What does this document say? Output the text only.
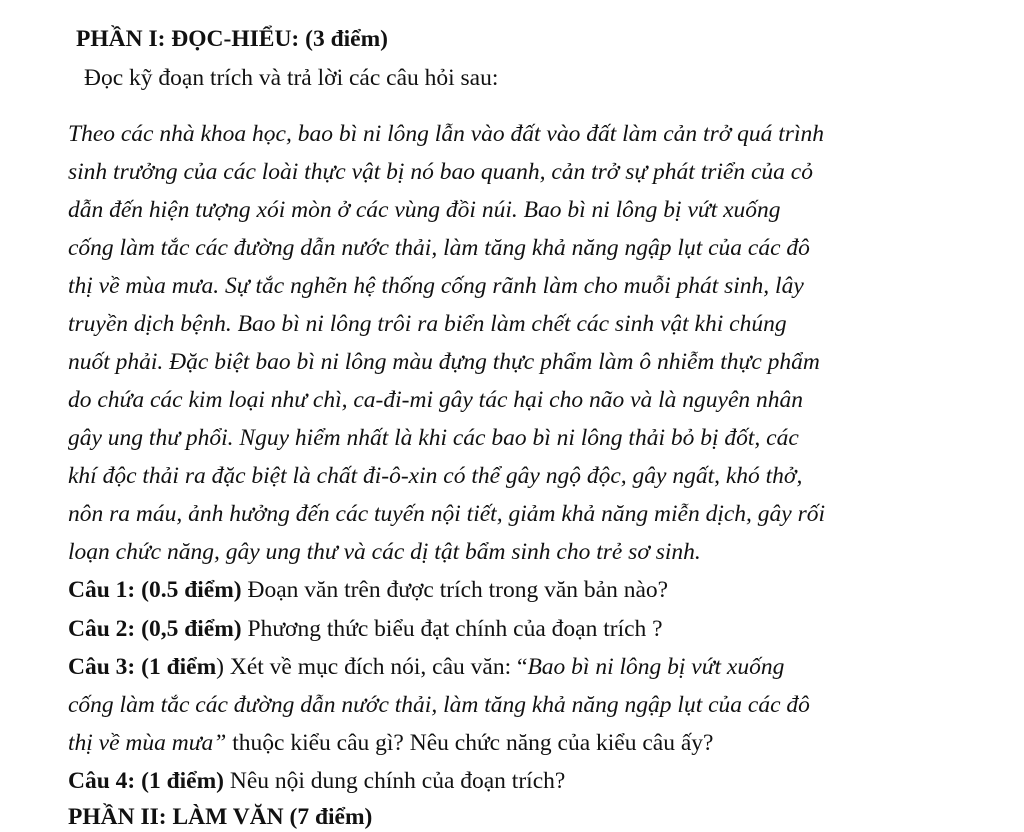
PHẦN I: ĐỌC-HIỂU: (3 điểm)
Đọc kỹ đoạn trích và trả lời các câu hỏi sau:
Theo các nhà khoa học, bao bì ni lông lẫn vào đất vào đất làm cản trở quá trình
sinh trưởng của các loài thực vật bị nó bao quanh, cản trở sự phát triển của cỏ
dẫn đến hiện tượng xói mòn ở các vùng đồi núi. Bao bì ni lông bị vứt xuống
cống làm tắc các đường dẫn nước thải, làm tăng khả năng ngập lụt của các đô
thị về mùa mưa. Sự tắc nghẽn hệ thống cống rãnh làm cho muỗi phát sinh, lây
truyền dịch bệnh. Bao bì ni lông trôi ra biển làm chết các sinh vật khi chúng
nuốt phải. Đặc biệt bao bì ni lông màu đựng thực phẩm làm ô nhiễm thực phẩm
do chứa các kim loại như chì, ca-đi-mi gây tác hại cho não và là nguyên nhân
gây ung thư phổi. Nguy hiểm nhất là khi các bao bì ni lông thải bỏ bị đốt, các
khí độc thải ra đặc biệt là chất đi-ô-xin có thể gây ngộ độc, gây ngất, khó thở,
nôn ra máu, ảnh hưởng đến các tuyến nội tiết, giảm khả năng miễn dịch, gây rối
loạn chức năng, gây ung thư và các dị tật bẩm sinh cho trẻ sơ sinh.
Câu 1: (0.5 điểm) Đoạn văn trên được trích trong văn bản nào?
Câu 2: (0,5 điểm) Phương thức biểu đạt chính của đoạn trích ?
Câu 3: (1 điểm) Xét về mục đích nói, câu văn: “Bao bì ni lông bị vứt xuống
cống làm tắc các đường dẫn nước thải, làm tăng khả năng ngập lụt của các đô
thị về mùa mưa” thuộc kiểu câu gì? Nêu chức năng của kiểu câu ấy?
Câu 4: (1 điểm) Nêu nội dung chính của đoạn trích?
PHẦN II: LÀM VĂN (7 điểm)
